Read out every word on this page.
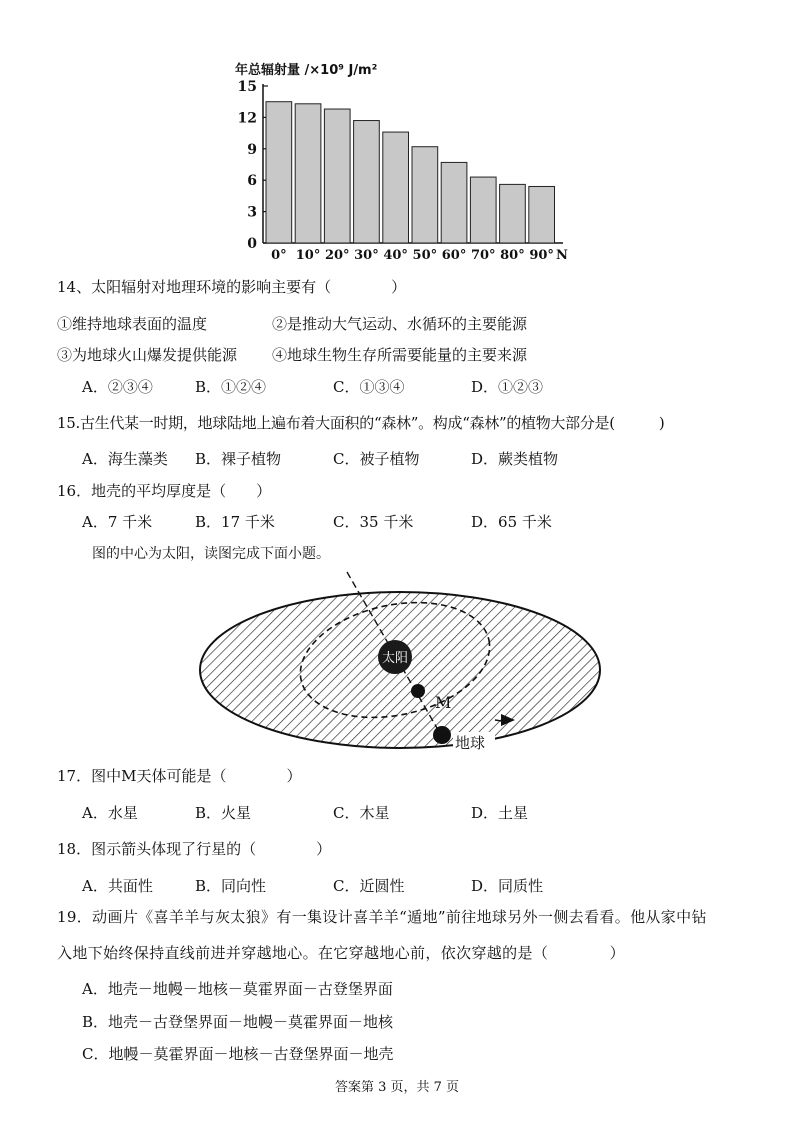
年总辐射量 /×10⁹ J/m²
0
3
6
9
12
15
0° 10° 20° 30° 40° 50° 60° 70° 80° 90° N
14、太阳辐射对地理环境的影响主要有（　　　　）
①维持地球表面的温度	②是推动大气运动、水循环的主要能源
③为地球火山爆发提供能源 ④地球生物生存所需要能量的主要来源
A．②③④	B．①②④	C．①③④	D．①②③
15.古生代某一时期，地球陆地上遍布着大面积的“森林”。构成“森林”的植物大部分是(　　　)
A．海生藻类 B．裸子植物	C．被子植物	D．蕨类植物
16．地壳的平均厚度是（　　）
A．7 千米	B．17 千米	C．35 千米	D．65 千米
图的中心为太阳，读图完成下面小题。
太阳
M
地球
17．图中M天体可能是（　　　　）
A．水星	B．火星	C．木星	D．土星
18．图示箭头体现了行星的（　　　　）
A．共面性	B．同向性	C．近圆性	D．同质性
19．动画片《喜羊羊与灰太狼》有一集设计喜羊羊“遁地”前往地球另外一侧去看看。他从家中钻
入地下始终保持直线前进并穿越地心。在它穿越地心前，依次穿越的是（　　　　）
A．地壳－地幔－地核－莫霍界面－古登堡界面
B．地壳－古登堡界面－地幔－莫霍界面－地核
C．地幔－莫霍界面－地核－古登堡界面－地壳
答案第 3 页，共 7 页
